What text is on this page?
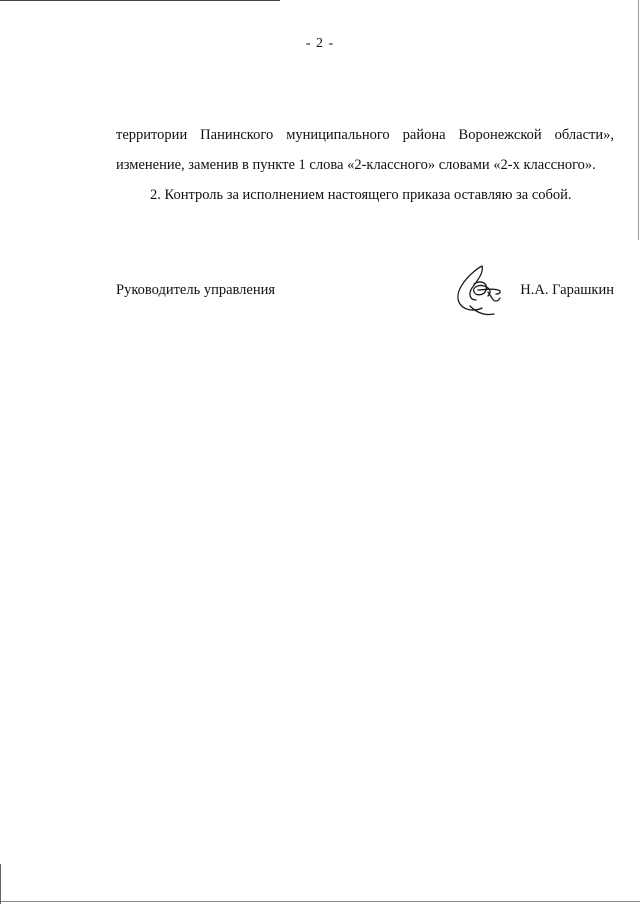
- 2 -
территории Панинского муниципального района Воронежской области»,
изменение, заменив в пункте 1 слова «2-классного» словами «2-х классного».
2. Контроль за исполнением настоящего приказа оставляю за собой.
Руководитель управления	Н.А. Гарашкин
